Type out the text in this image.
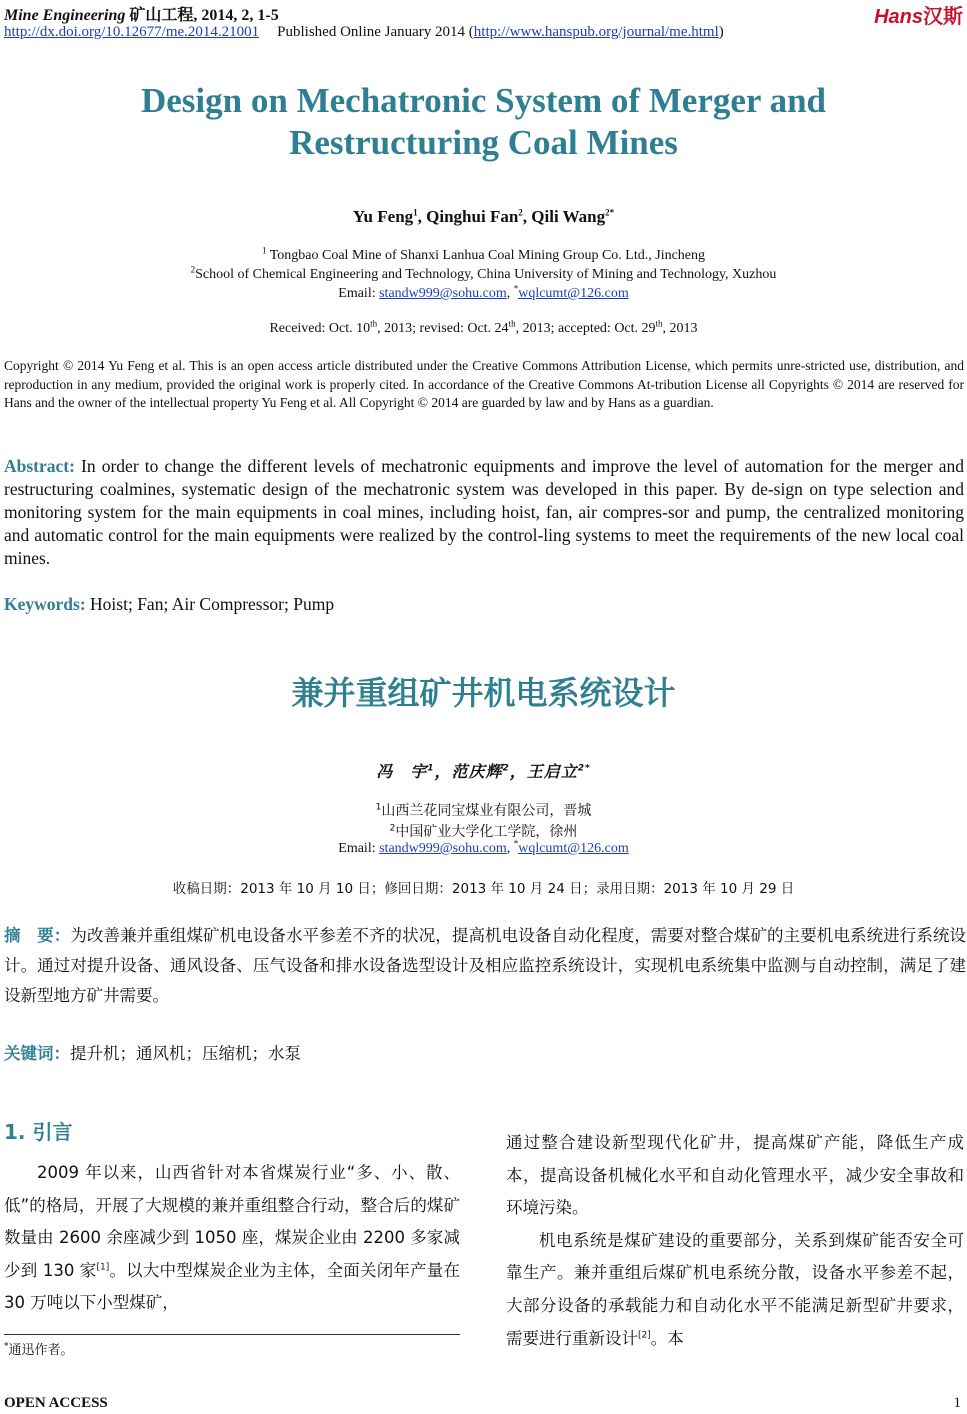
Mine Engineering 矿山工程, 2014, 2, 1-5	Hans汉斯
http://dx.doi.org/10.12677/me.2014.21001 Published Online January 2014 (http://www.hanspub.org/journal/me.html)
Design on Mechatronic System of Merger and
Restructuring Coal Mines
Yu Feng$^1$, Qinghui Fan$^2$, Qili Wang$^{2*}$
$^1$ Tongbao Coal Mine of Shanxi Lanhua Coal Mining Group Co. Ltd., Jincheng
$^2$School of Chemical Engineering and Technology, China University of Mining and Technology, Xuzhou
Email: standw999@sohu.com, *wqlcumt@126.com
Received: Oct. 10th, 2013; revised: Oct. 24th, 2013; accepted: Oct. 29th, 2013
Copyright © 2014 Yu Feng et al. This is an open access article distributed under the Creative Commons Attribution License, which permits unre-stricted use, distribution, and reproduction in any medium, provided the original work is properly cited. In accordance of the Creative Commons At-tribution License all Copyrights © 2014 are reserved for Hans and the owner of the intellectual property Yu Feng et al. All Copyright © 2014 are guarded by law and by Hans as a guardian.
Abstract: In order to change the different levels of mechatronic equipments and improve the level of automation for the merger and restructuring coalmines, systematic design of the mechatronic system was developed in this paper. By de-sign on type selection and monitoring system for the main equipments in coal mines, including hoist, fan, air compres-sor and pump, the centralized monitoring and automatic control for the main equipments were realized by the control-ling systems to meet the requirements of the new local coal mines.
Keywords: Hoist; Fan; Air Compressor; Pump
兼并重组矿井机电系统设计
冯　宇$^1$，范庆辉$^2$，王启立$^{2*}$
$^1$山西兰花同宝煤业有限公司，晋城
$^2$中国矿业大学化工学院，徐州
Email: standw999@sohu.com, *wqlcumt@126.com
收稿日期：2013 年 10 月 10 日；修回日期：2013 年 10 月 24 日；录用日期：2013 年 10 月 29 日
摘　要：为改善兼并重组煤矿机电设备水平参差不齐的状况，提高机电设备自动化程度，需要对整合煤矿的主要机电系统进行系统设计。通过对提升设备、通风设备、压气设备和排水设备选型设计及相应监控系统设计，实现机电系统集中监测与自动控制，满足了建设新型地方矿井需要。
关键词：提升机；通风机；压缩机；水泵
1. 引言

2009 年以来，山西省针对本省煤炭行业“多、小、散、低”的格局，开展了大规模的兼并重组整合行动，整合后的煤矿数量由 2600 余座减少到 1050 座，煤炭企业由 2200 多家减少到 130 家[1]。以大中型煤炭企业为主体，全面关闭年产量在 30 万吨以下小型煤矿，

*通迅作者。

通过整合建设新型现代化矿井，提高煤矿产能，降低生产成本，提高设备机械化水平和自动化管理水平，减少安全事故和环境污染。

机电系统是煤矿建设的重要部分，关系到煤矿能否安全可靠生产。兼并重组后煤矿机电系统分散，设备水平参差不起，大部分设备的承载能力和自动化水平不能满足新型矿井要求，需要进行重新设计[2]。本

OPEN ACCESS	1
